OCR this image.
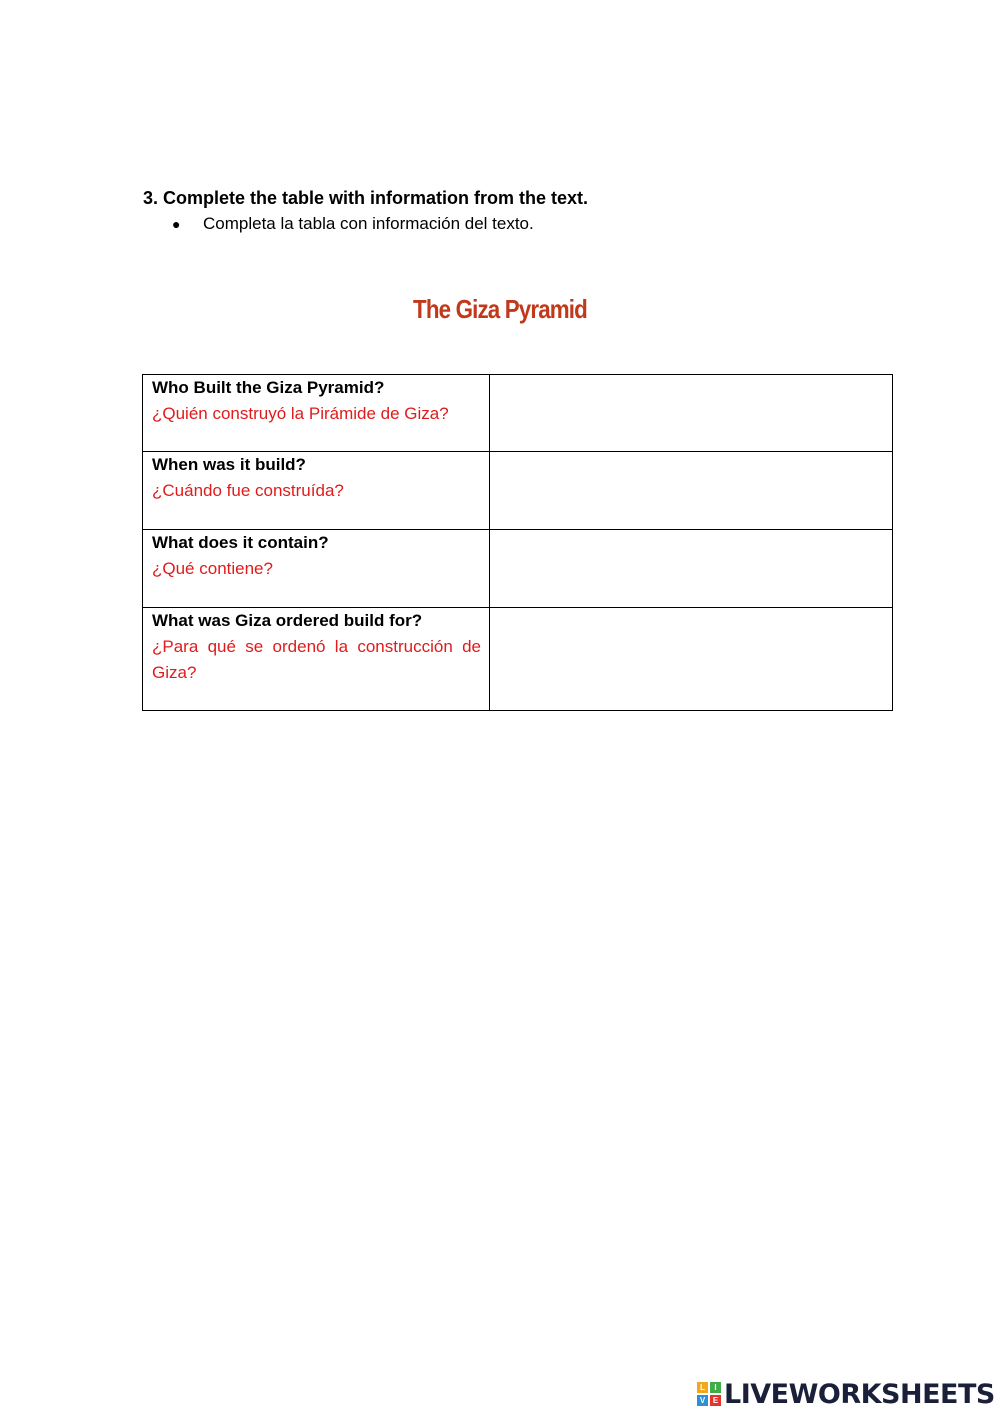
3. Complete the table with information from the text.
● Completa la tabla con información del texto.
The Giza Pyramid
Who Built the Giza Pyramid?
¿Quién construyó la Pirámide de Giza?	

When was it build?
¿Cuándo fue construída?	

What does it contain?
¿Qué contiene?	

What was Giza ordered build for?
¿Para qué se ordenó la construcción de Giza?	

L	I
V E LIVEWORKSHEETS
